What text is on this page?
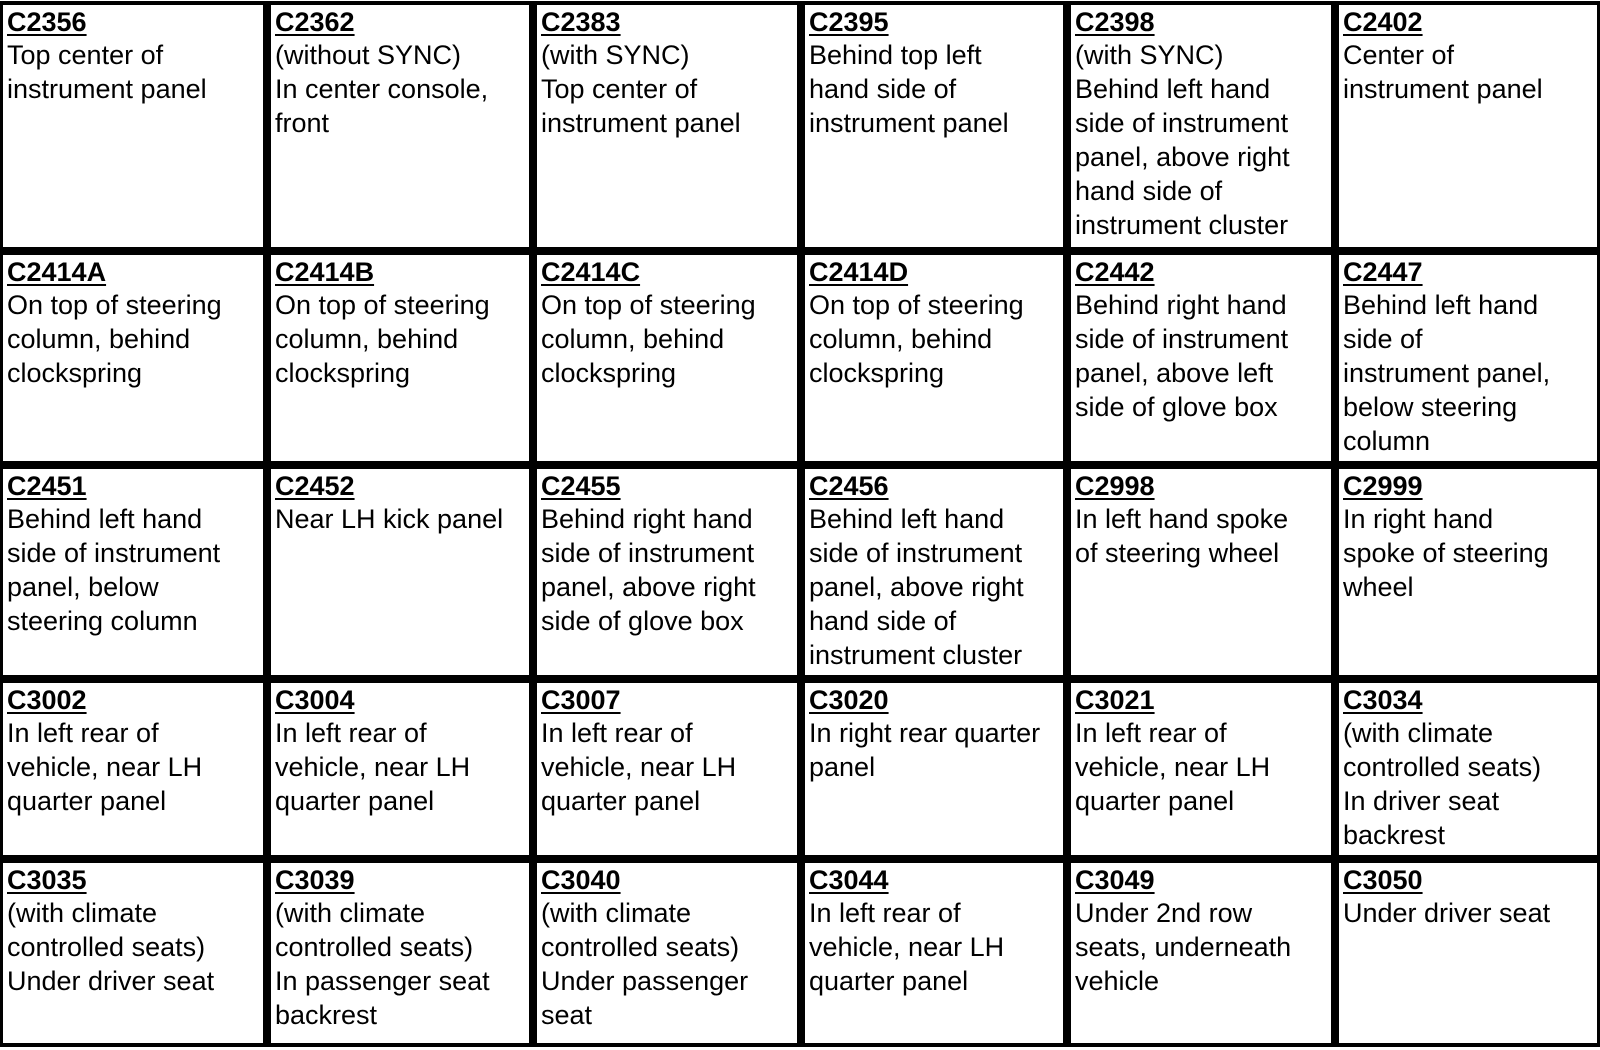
C2356
Top center of
instrument panel
C2362
(without SYNC)
In center console,
front
C2383
(with SYNC)
Top center of
instrument panel
C2395
Behind top left
hand side of
instrument panel
C2398
(with SYNC)
Behind left hand
side of instrument
panel, above right
hand side of
instrument cluster
C2402
Center of
instrument panel
C2414A
On top of steering
column, behind
clockspring
C2414B
On top of steering
column, behind
clockspring
C2414C
On top of steering
column, behind
clockspring
C2414D
On top of steering
column, behind
clockspring
C2442
Behind right hand
side of instrument
panel, above left
side of glove box
C2447
Behind left hand
side of
instrument panel,
below steering
column
C2451
Behind left hand
side of instrument
panel, below
steering column
C2452
Near LH kick panel
C2455
Behind right hand
side of instrument
panel, above right
side of glove box
C2456
Behind left hand
side of instrument
panel, above right
hand side of
instrument cluster
C2998
In left hand spoke
of steering wheel
C2999
In right hand
spoke of steering
wheel
C3002
In left rear of
vehicle, near LH
quarter panel
C3004
In left rear of
vehicle, near LH
quarter panel
C3007
In left rear of
vehicle, near LH
quarter panel
C3020
In right rear quarter
panel
C3021
In left rear of
vehicle, near LH
quarter panel
C3034
(with climate
controlled seats)
In driver seat
backrest
C3035
(with climate
controlled seats)
Under driver seat
C3039
(with climate
controlled seats)
In passenger seat
backrest
C3040
(with climate
controlled seats)
Under passenger
seat
C3044
In left rear of
vehicle, near LH
quarter panel
C3049
Under 2nd row
seats, underneath
vehicle
C3050
Under driver seat
